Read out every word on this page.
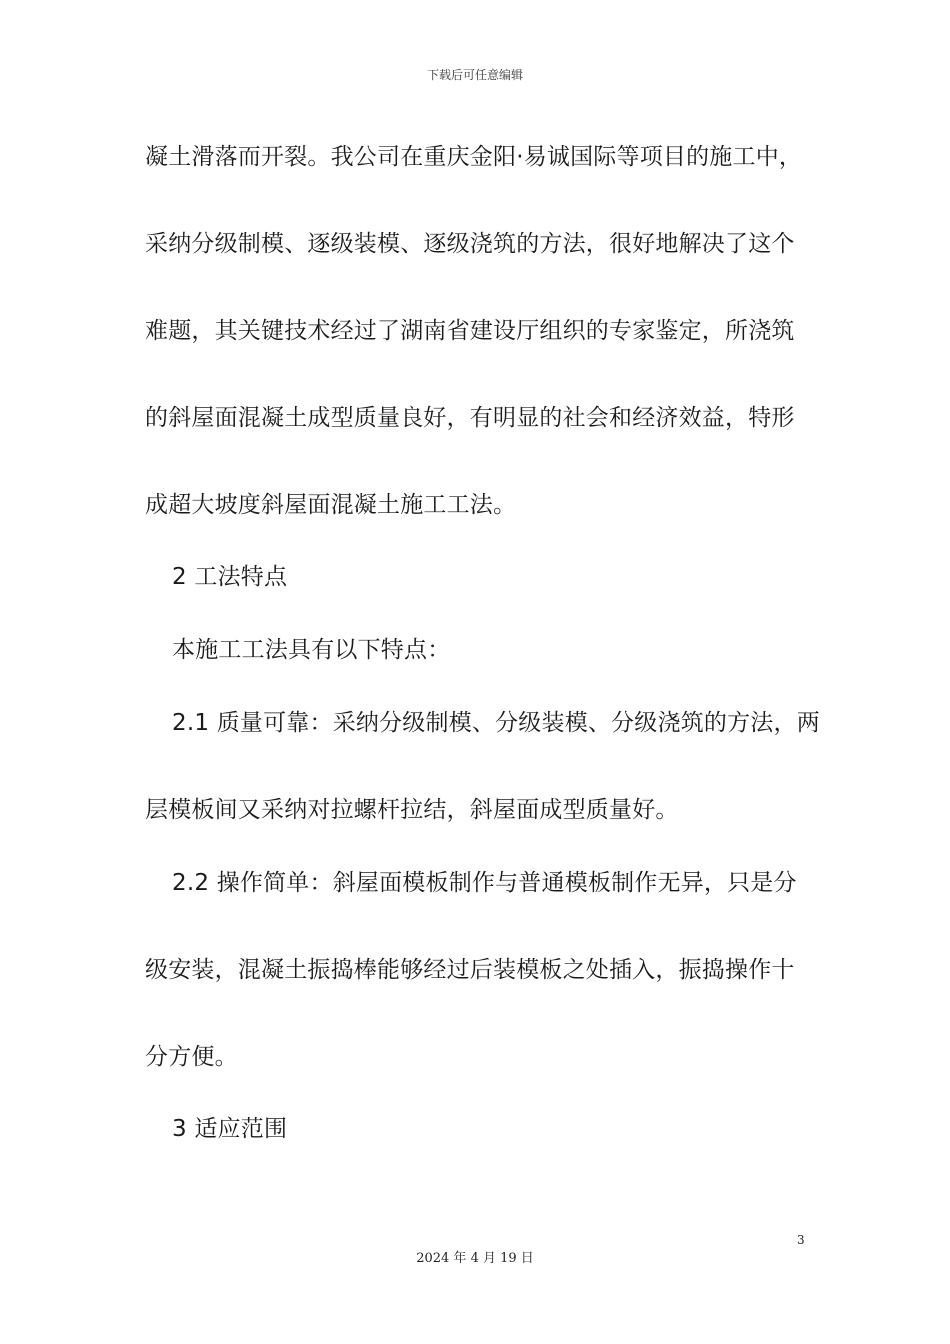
下载后可任意编辑
凝土滑落而开裂。我公司在重庆金阳·易诚国际等项目的施工中，
采纳分级制模、逐级装模、逐级浇筑的方法，很好地解决了这个
难题，其关键技术经过了湖南省建设厅组织的专家鉴定，所浇筑
的斜屋面混凝土成型质量良好，有明显的社会和经济效益，特形
成超大坡度斜屋面混凝土施工工法。
2 工法特点
本施工工法具有以下特点：
2.1 质量可靠：采纳分级制模、分级装模、分级浇筑的方法，两
层模板间又采纳对拉螺杆拉结，斜屋面成型质量好。
2.2 操作简单：斜屋面模板制作与普通模板制作无异，只是分
级安装，混凝土振捣棒能够经过后装模板之处插入，振捣操作十
分方便。
3 适应范围
3
2024 年 4 月 19 日
